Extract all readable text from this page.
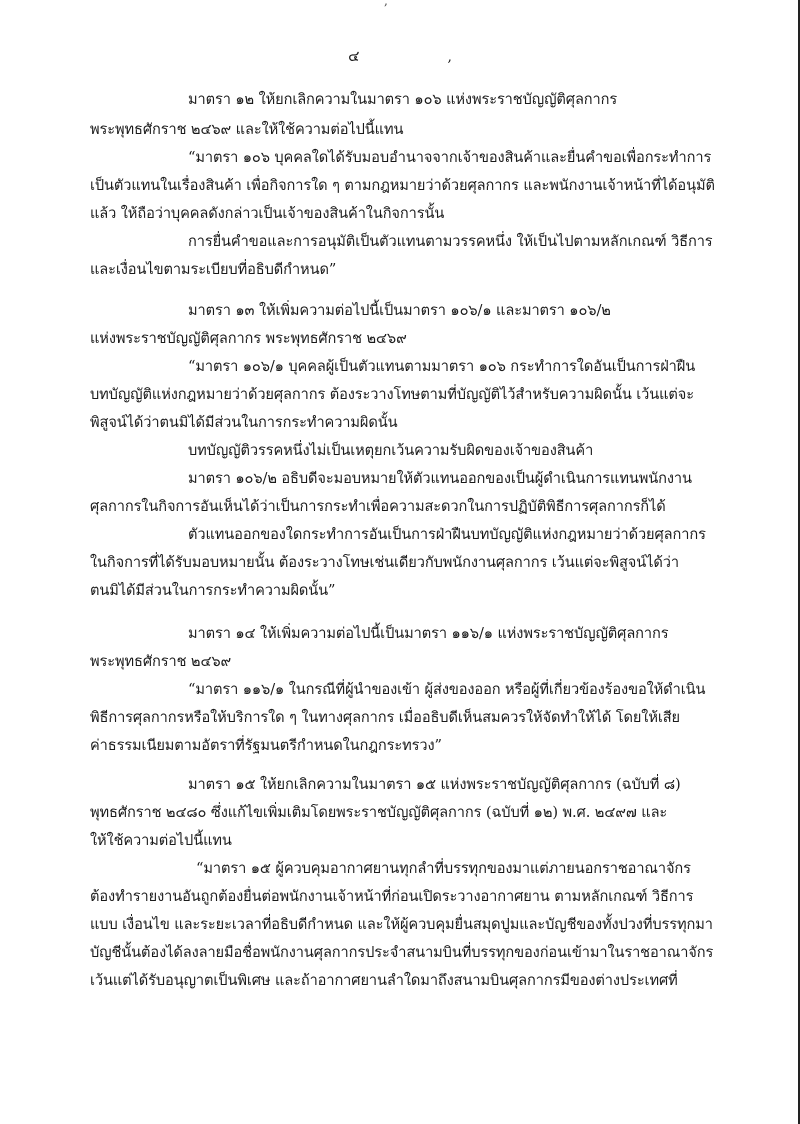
,
๔	,
มาตรา ๑๒ ให้ยกเลิกความในมาตรา ๑๐๖ แห่งพระราชบัญญัติศุลกากร
พระพุทธศักราช ๒๔๖๙ และให้ใช้ความต่อไปนี้แทน
“มาตรา ๑๐๖ บุคคลใดได้รับมอบอำนาจจากเจ้าของสินค้าและยื่นคำขอเพื่อกระทำการ
เป็นตัวแทนในเรื่องสินค้า เพื่อกิจการใด ๆ ตามกฎหมายว่าด้วยศุลกากร และพนักงานเจ้าหน้าที่ได้อนุมัติ
แล้ว ให้ถือว่าบุคคลดังกล่าวเป็นเจ้าของสินค้าในกิจการนั้น
การยื่นคำขอและการอนุมัติเป็นตัวแทนตามวรรคหนึ่ง ให้เป็นไปตามหลักเกณฑ์ วิธีการ
และเงื่อนไขตามระเบียบที่อธิบดีกำหนด”
มาตรา ๑๓ ให้เพิ่มความต่อไปนี้เป็นมาตรา ๑๐๖/๑ และมาตรา ๑๐๖/๒
แห่งพระราชบัญญัติศุลกากร พระพุทธศักราช ๒๔๖๙
“มาตรา ๑๐๖/๑ บุคคลผู้เป็นตัวแทนตามมาตรา ๑๐๖ กระทำการใดอันเป็นการฝ่าฝืน
บทบัญญัติแห่งกฎหมายว่าด้วยศุลกากร ต้องระวางโทษตามที่บัญญัติไว้สำหรับความผิดนั้น เว้นแต่จะ
พิสูจน์ได้ว่าตนมิได้มีส่วนในการกระทำความผิดนั้น
บทบัญญัติวรรคหนึ่งไม่เป็นเหตุยกเว้นความรับผิดของเจ้าของสินค้า
มาตรา ๑๐๖/๒ อธิบดีจะมอบหมายให้ตัวแทนออกของเป็นผู้ดำเนินการแทนพนักงาน
ศุลกากรในกิจการอันเห็นได้ว่าเป็นการกระทำเพื่อความสะดวกในการปฏิบัติพิธีการศุลกากรก็ได้
ตัวแทนออกของใดกระทำการอันเป็นการฝ่าฝืนบทบัญญัติแห่งกฎหมายว่าด้วยศุลกากร
ในกิจการที่ได้รับมอบหมายนั้น ต้องระวางโทษเช่นเดียวกับพนักงานศุลกากร เว้นแต่จะพิสูจน์ได้ว่า
ตนมิได้มีส่วนในการกระทำความผิดนั้น”
มาตรา ๑๔ ให้เพิ่มความต่อไปนี้เป็นมาตรา ๑๑๖/๑ แห่งพระราชบัญญัติศุลกากร
พระพุทธศักราช ๒๔๖๙
“มาตรา ๑๑๖/๑ ในกรณีที่ผู้นำของเข้า ผู้ส่งของออก หรือผู้ที่เกี่ยวข้องร้องขอให้ดำเนิน
พิธีการศุลกากรหรือให้บริการใด ๆ ในทางศุลกากร เมื่ออธิบดีเห็นสมควรให้จัดทำให้ได้ โดยให้เสีย
ค่าธรรมเนียมตามอัตราที่รัฐมนตรีกำหนดในกฎกระทรวง”
มาตรา ๑๕ ให้ยกเลิกความในมาตรา ๑๕ แห่งพระราชบัญญัติศุลกากร (ฉบับที่ ๘)
พุทธศักราช ๒๔๘๐ ซึ่งแก้ไขเพิ่มเติมโดยพระราชบัญญัติศุลกากร (ฉบับที่ ๑๒) พ.ศ. ๒๔๙๗ และ
ให้ใช้ความต่อไปนี้แทน
“มาตรา ๑๕ ผู้ควบคุมอากาศยานทุกลำที่บรรทุกของมาแต่ภายนอกราชอาณาจักร
ต้องทำรายงานอันถูกต้องยื่นต่อพนักงานเจ้าหน้าที่ก่อนเปิดระวางอากาศยาน ตามหลักเกณฑ์ วิธีการ
แบบ เงื่อนไข และระยะเวลาที่อธิบดีกำหนด และให้ผู้ควบคุมยื่นสมุดปูมและบัญชีของทั้งปวงที่บรรทุกมา
บัญชีนั้นต้องได้ลงลายมือชื่อพนักงานศุลกากรประจำสนามบินที่บรรทุกของก่อนเข้ามาในราชอาณาจักร
เว้นแต่ได้รับอนุญาตเป็นพิเศษ และถ้าอากาศยานลำใดมาถึงสนามบินศุลกากรมีของต่างประเทศที่
